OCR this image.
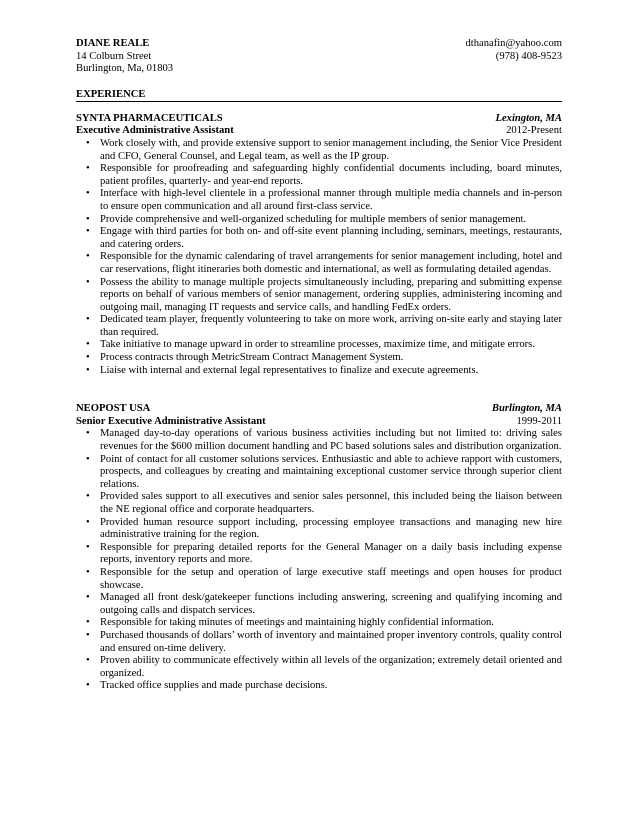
DIANE REALE	dthanafin@yahoo.com
14 Colburn Street	(978) 408-9523
Burlington, Ma, 01803
EXPERIENCE
SYNTA PHARMACEUTICALS	Lexington, MA
Executive Administrative Assistant	2012-Present
• Work closely with, and provide extensive support to senior management including, the Senior Vice President and CFO, General Counsel, and Legal team, as well as the IP group.
• Responsible for proofreading and safeguarding highly confidential documents including, board minutes, patient profiles, quarterly- and year-end reports.
• Interface with high-level clientele in a professional manner through multiple media channels and in-person to ensure open communication and all around first-class service.
• Provide comprehensive and well-organized scheduling for multiple members of senior management.
• Engage with third parties for both on- and off-site event planning including, seminars, meetings, restaurants, and catering orders.
• Responsible for the dynamic calendaring of travel arrangements for senior management including, hotel and car reservations, flight itineraries both domestic and international, as well as formulating detailed agendas.
• Possess the ability to manage multiple projects simultaneously including, preparing and submitting expense reports on behalf of various members of senior management, ordering supplies, administering incoming and outgoing mail, managing IT requests and service calls, and handling FedEx orders.
• Dedicated team player, frequently volunteering to take on more work, arriving on-site early and staying later than required.
• Take initiative to manage upward in order to streamline processes, maximize time, and mitigate errors.
• Process contracts through MetricStream Contract Management System.
• Liaise with internal and external legal representatives to finalize and execute agreements.
NEOPOST USA	Burlington, MA
Senior Executive Administrative Assistant	1999-2011
• Managed day-to-day operations of various business activities including but not limited to: driving sales revenues for the $600 million document handling and PC based solutions sales and distribution organization.
• Point of contact for all customer solutions services. Enthusiastic and able to achieve rapport with customers, prospects, and colleagues by creating and maintaining exceptional customer service through superior client relations.
• Provided sales support to all executives and senior sales personnel, this included being the liaison between the NE regional office and corporate headquarters.
• Provided human resource support including, processing employee transactions and managing new hire administrative training for the region.
• Responsible for preparing detailed reports for the General Manager on a daily basis including expense reports, inventory reports and more.
• Responsible for the setup and operation of large executive staff meetings and open houses for product showcase.
• Managed all front desk/gatekeeper functions including answering, screening and qualifying incoming and outgoing calls and dispatch services.
• Responsible for taking minutes of meetings and maintaining highly confidential information.
• Purchased thousands of dollars’ worth of inventory and maintained proper inventory controls, quality control and ensured on-time delivery.
• Proven ability to communicate effectively within all levels of the organization; extremely detail oriented and organized.
• Tracked office supplies and made purchase decisions.
